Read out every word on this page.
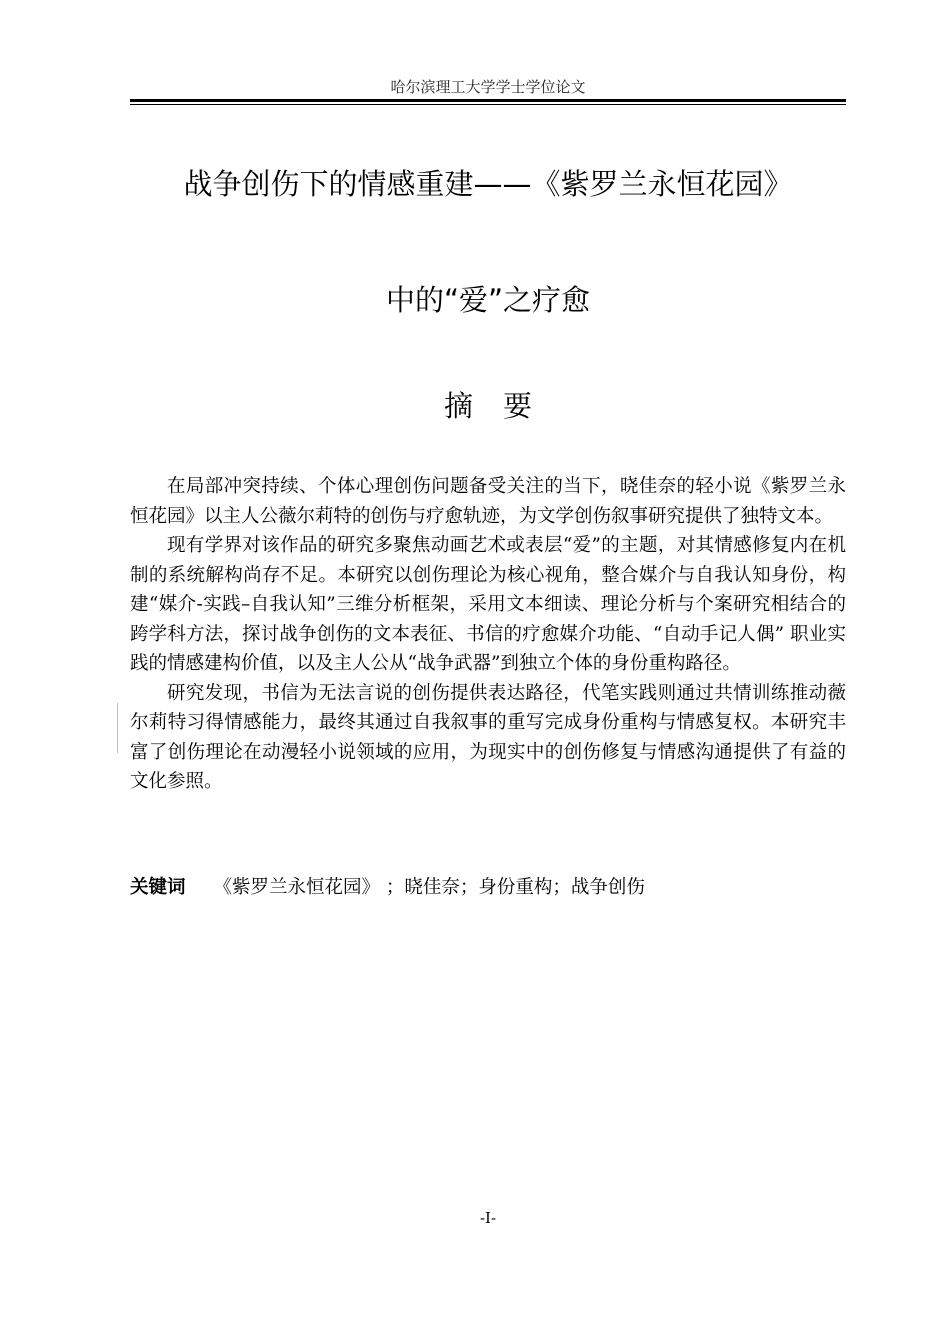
哈尔滨理工大学学士学位论文
战争创伤下的情感重建——《紫罗兰永恒花园》
中的“爱”之疗愈
摘要

在局部冲突持续、个体心理创伤问题备受关注的当下，晓佳奈的轻小说《紫罗兰永恒花园》以主人公薇尔莉特的创伤与疗愈轨迹，为文学创伤叙事研究提供了独特文本。

现有学界对该作品的研究多聚焦动画艺术或表层“爱”的主题，对其情感修复内在机制的系统解构尚存不足。本研究以创伤理论为核心视角，整合媒介与自我认知身份，构建“媒介-实践–自我认知”三维分析框架，采用文本细读、理论分析与个案研究相结合的跨学科方法，探讨战争创伤的文本表征、书信的疗愈媒介功能、“自动手记人偶” 职业实践的情感建构价值，以及主人公从“战争武器”到独立个体的身份重构路径。

研究发现，书信为无法言说的创伤提供表达路径，代笔实践则通过共情训练推动薇尔莉特习得情感能力，最终其通过自我叙事的重写完成身份重构与情感复权。本研究丰富了创伤理论在动漫轻小说领域的应用，为现实中的创伤修复与情感沟通提供了有益的文化参照。

关键词 《紫罗兰永恒花园》 ；晓佳奈；身份重构；战争创伤
-I-
